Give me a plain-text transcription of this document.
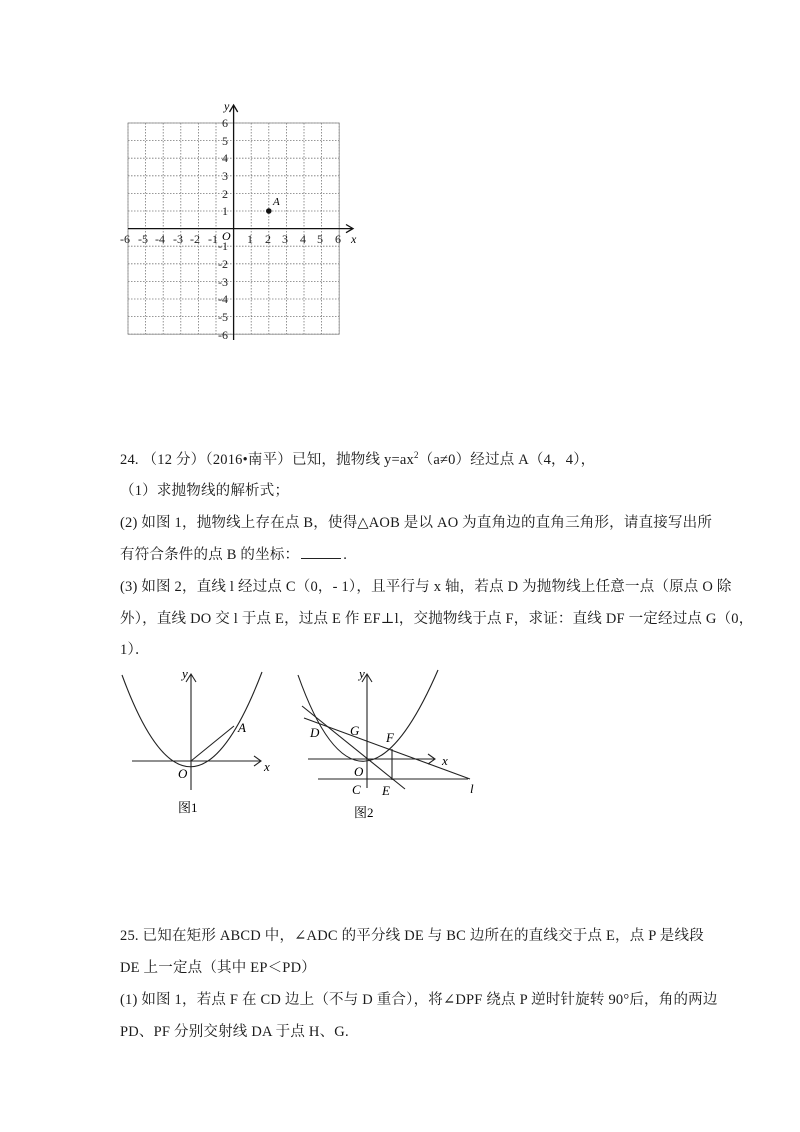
y
x
6
5
4
3
2
1
-1
-2
-3
-4
-5
-6
-6 -5 -4 -3 -2 -1 1 2 3 4 5 6
O
A
24. （12 分）（2016•南平）已知，抛物线 $y=ax^2(a\ne 0)$经过点 A（4，4），
（1）求抛物线的解析式；
(2) 如图 1，抛物线上存在点 B，使得△AOB 是以 AO 为直角边的直角三角形，请直接写出所
有符合条件的点 B 的坐标：	.
(3) 如图 2，直线 l 经过点 C（0，- 1），且平行与 x 轴，若点 D 为抛物线上任意一点（原点 O 除
外），直线 DO 交 l 于点 E，过点 E 作 EF⊥l，交抛物线于点 F，求证：直线 DF 一定经过点 G（0，
1）．
y
x
O
A
图1
y
x
O
G
D	F
C E	l
图2
25. 已知在矩形 ABCD 中，∠ADC 的平分线 DE 与 BC 边所在的直线交于点 E，点 P 是线段
DE 上一定点（其中 EP＜PD）
(1) 如图 1，若点 F 在 CD 边上（不与 D 重合），将∠DPF 绕点 P 逆时针旋转 90°后，角的两边
PD、PF 分别交射线 DA 于点 H、G.
